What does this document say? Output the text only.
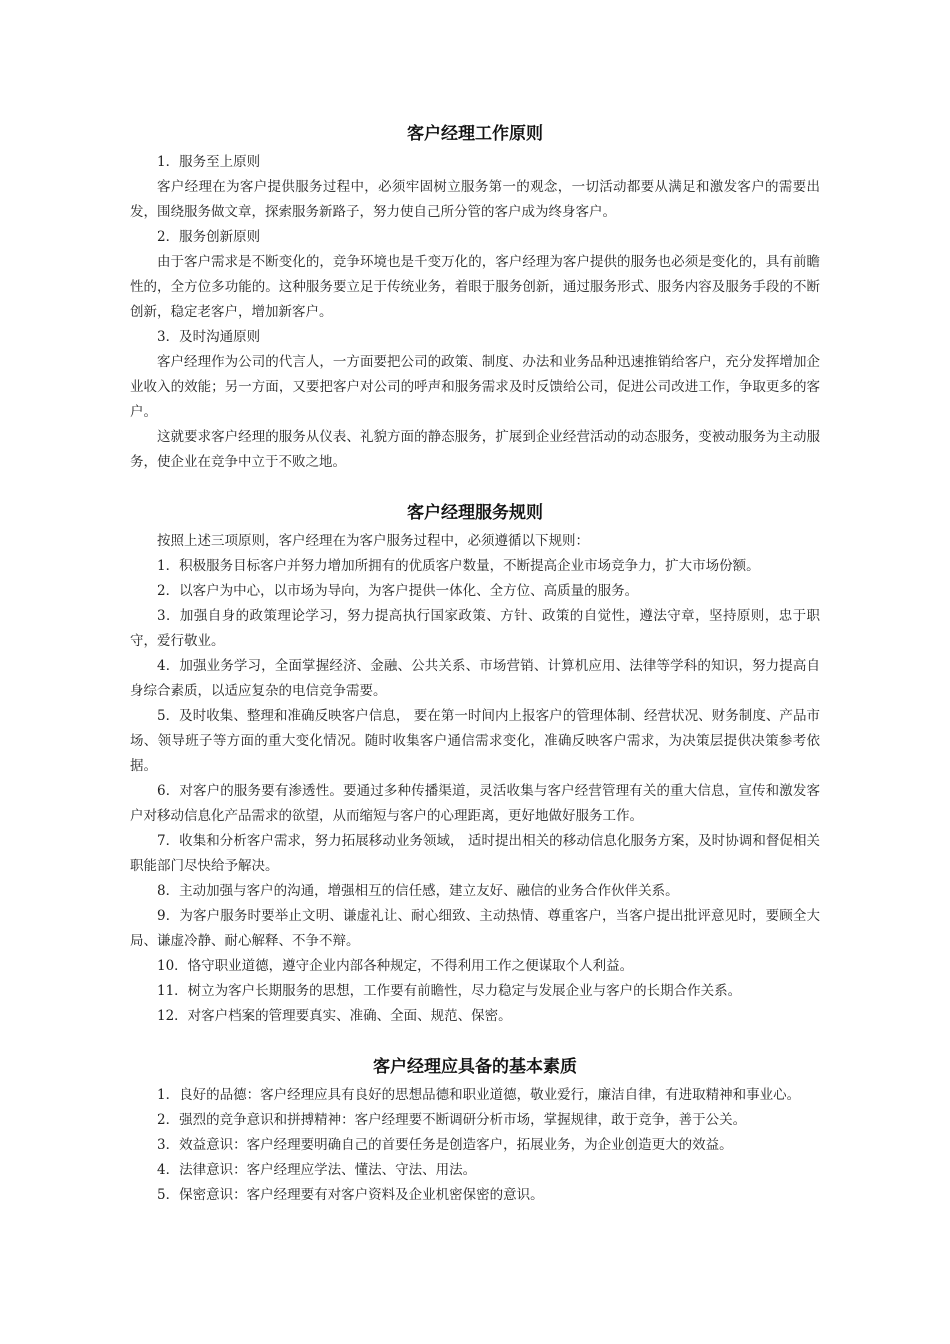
客户经理工作原则

1．服务至上原则

客户经理在为客户提供服务过程中，必须牢固树立服务第一的观念，一切活动都要从满足和激发客户的需要出发，围绕服务做文章，探索服务新路子，努力使自己所分管的客户成为终身客户。

2．服务创新原则

由于客户需求是不断变化的，竞争环境也是千变万化的，客户经理为客户提供的服务也必须是变化的，具有前瞻性的，全方位多功能的。这种服务要立足于传统业务，着眼于服务创新，通过服务形式、服务内容及服务手段的不断创新，稳定老客户，增加新客户。

3．及时沟通原则

客户经理作为公司的代言人，一方面要把公司的政策、制度、办法和业务品种迅速推销给客户，充分发挥增加企业收入的效能；另一方面，又要把客户对公司的呼声和服务需求及时反馈给公司，促进公司改进工作，争取更多的客户。

这就要求客户经理的服务从仪表、礼貌方面的静态服务，扩展到企业经营活动的动态服务，变被动服务为主动服务，使企业在竞争中立于不败之地。

客户经理服务规则

按照上述三项原则，客户经理在为客户服务过程中，必须遵循以下规则：

1．积极服务目标客户并努力增加所拥有的优质客户数量，不断提高企业市场竞争力，扩大市场份额。

2．以客户为中心，以市场为导向，为客户提供一体化、全方位、高质量的服务。

3．加强自身的政策理论学习，努力提高执行国家政策、方针、政策的自觉性，遵法守章，坚持原则，忠于职守，爱行敬业。

4．加强业务学习，全面掌握经济、金融、公共关系、市场营销、计算机应用、法律等学科的知识，努力提高自身综合素质，以适应复杂的电信竞争需要。

5．及时收集、整理和准确反映客户信息， 要在第一时间内上报客户的管理体制、经营状况、财务制度、产品市场、领导班子等方面的重大变化情况。随时收集客户通信需求变化，准确反映客户需求，为决策层提供决策参考依据。

6．对客户的服务要有渗透性。要通过多种传播渠道，灵活收集与客户经营管理有关的重大信息，宣传和激发客户对移动信息化产品需求的欲望，从而缩短与客户的心理距离，更好地做好服务工作。

7．收集和分析客户需求，努力拓展移动业务领域， 适时提出相关的移动信息化服务方案，及时协调和督促相关职能部门尽快给予解决。

8．主动加强与客户的沟通，增强相互的信任感，建立友好、融信的业务合作伙伴关系。

9．为客户服务时要举止文明、谦虚礼让、耐心细致、主动热情、尊重客户，当客户提出批评意见时，要顾全大局、谦虚冷静、耐心解释、不争不辩。

10．恪守职业道德，遵守企业内部各种规定，不得利用工作之便谋取个人利益。

11．树立为客户长期服务的思想，工作要有前瞻性，尽力稳定与发展企业与客户的长期合作关系。

12．对客户档案的管理要真实、准确、全面、规范、保密。

客户经理应具备的基本素质

1．良好的品德：客户经理应具有良好的思想品德和职业道德，敬业爱行，廉洁自律，有进取精神和事业心。

2．强烈的竞争意识和拼搏精神：客户经理要不断调研分析市场，掌握规律，敢于竞争，善于公关。

3．效益意识：客户经理要明确自己的首要任务是创造客户，拓展业务，为企业创造更大的效益。

4．法律意识：客户经理应学法、懂法、守法、用法。

5．保密意识：客户经理要有对客户资料及企业机密保密的意识。
